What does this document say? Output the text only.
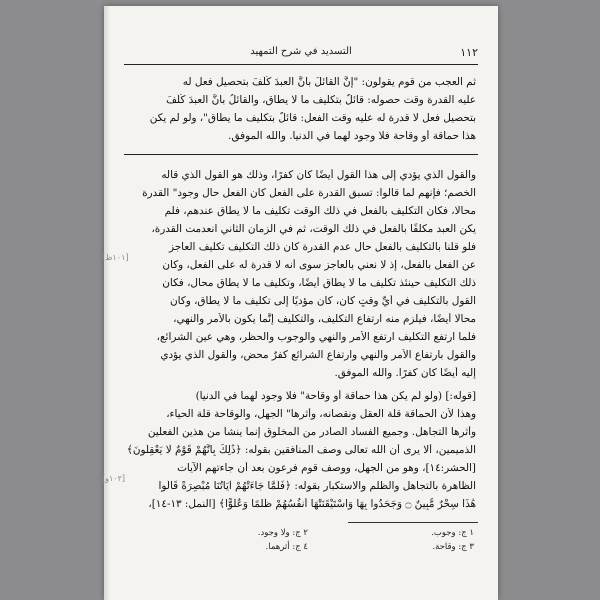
١١٢
التسديد في شرح التمهيد
ثم العجب من قوم يقولون: "إنَّ القائلَ بأنَّ العبدَ كُلِّفَ بتحصيل فعل له
عليه القدرة وقت حصوله: قائلٌ بتكليف ما لا يطاق، والقائلُ بأنَّ العبدَ كُلِّفَ
بتحصيل فعل لا قدرة له عليه وقت الفعل: قائلٌ بتكليف ما يطاق"، ولو لم يكن
هذا حماقة أو وقاحة فلا وجود لهما في الدنيا. والله الموفق.
والقول الذي يؤدي إلى هذا القول أيضًا كان كفرًا، وذلك هو القول الذي قاله
الخصم؛ فإنهم لما قالوا: تسبق القدرة على الفعل كان الفعل حال وجود" القدرة
محالًا، فكان التكليف بالفعل في ذلك الوقت تكليف ما لا يطاق عندهم، فلم
يكن العبد مكلفًا بالفعل في ذلك الوقت، ثم في الزمان الثاني انعدمت القدرة،
فلو قلنا بالتكليف بالفعل حال عدم القدرة كان ذلك التكليف تكليف العاجز
عن الفعل بالفعل، إذ لا نعني بالعاجز سوى أنه لا قدرة له على الفعل، وكان
ذلك التكليف حينئذ تكليف ما لا يطاق أيضًا، وتكليف ما لا يطاق محال، فكان
القول بالتكليف في أيِّ وقتٍ كان، كان مؤديًا إلى تكليف ما لا يطاق، وكان
محالًا أيضًا، فيلزم منه ارتفاع التكليف، والتكليف إنَّما يكون بالأمر والنهي،
فلما ارتفع التكليف ارتفع الأمر والنهي والوجوب والحظر، وهي عين الشرائع،
والقول بارتفاع الأمر والنهي وارتفاع الشرائع كفرٌ محض، والقول الذي يؤدي
إليه أيضًا كان كفرًا. والله الموفق.
[قوله:] (ولو لم يكن هذا حماقة أو وقاحة" فلا وجود لهما في الدنيا)
وهذا لأن الحماقة قلة العقل ونقصانه، وأثرها" الجهل، والوقاحة قلة الحياء،
وأثرها التجاهل. وجميع الفساد الصادر من المخلوق إنما ينشأ من هذين الفعلين
الذميمين، ألا يرى أن الله تعالى وصف المنافقين بقوله: ﴿ذَٰلِكَ بِأَنَّهُمْ قَوْمٌ لَّا يَعْقِلُونَ﴾
[الحشر:١٤]، وهو من الجهل، ووصف قوم فرعون بعد أن جاءتهم الآيات
الظاهرة بالتجاهل والظلم والاستكبار بقوله: ﴿فَلَمَّا جَاءَتْهُمْ آيَاتُنَا مُبْصِرَةً قَالُوا
هَٰذَا سِحْرٌ مُّبِينٌ ۝ وَجَحَدُوا بِهَا وَاسْتَيْقَنَتْهَا أَنفُسُهُمْ ظُلْمًا وَعُلُوًّا﴾ [النمل: ١٣-١٤]،
[١٠١ظ]
[١٠٢و]
١ ج: وجوب.
٢ ج: ولا وجود.
٣ ج: وقاحة.
٤ ج: أثرهما.
